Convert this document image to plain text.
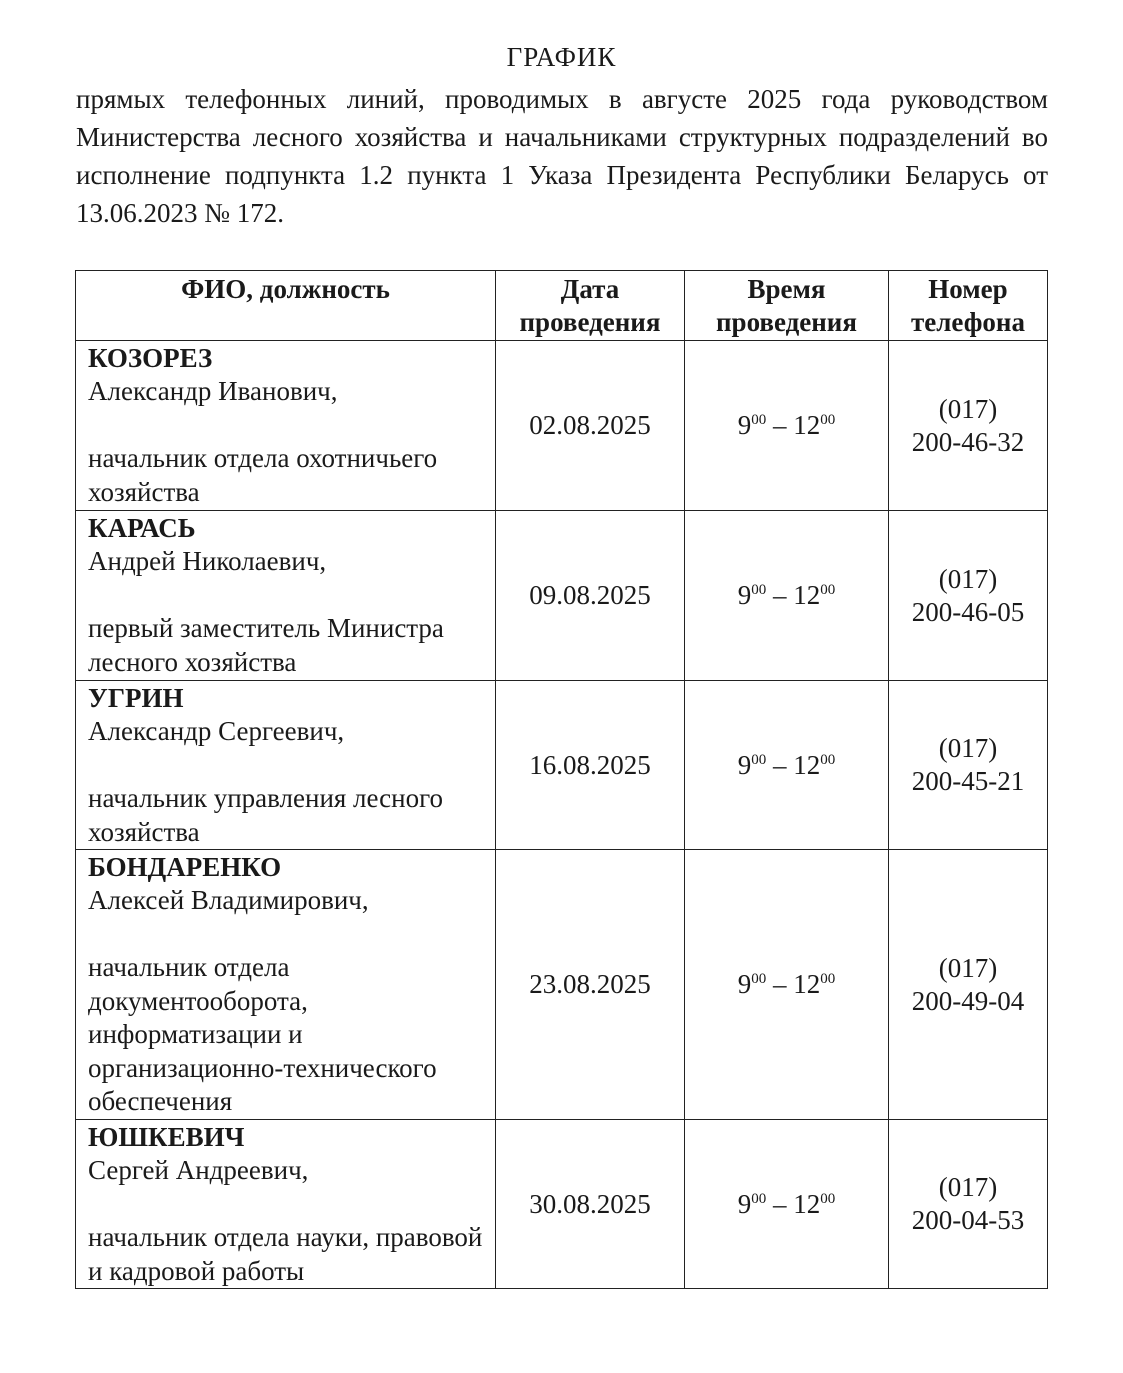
ГРАФИК
прямых телефонных линий, проводимых в августе 2025 года руководством Министерства лесного хозяйства и начальниками структурных подразделений во исполнение подпункта 1.2 пункта 1 Указа Президента Республики Беларусь от 13.06.2023 № 172.
ФИО, должность	Дата проведения	Время проведения	Номер телефона

КОЗОРЕЗ
Александр Иванович,
начальник отдела охотничьего хозяйства	02.08.2025	$9^{00} - 12^{00}$	(017)
200-46-32

КАРАСЬ
Андрей Николаевич,
первый заместитель Министра лесного хозяйства	09.08.2025	$9^{00} - 12^{00}$	(017)
200-46-05

УГРИН
Александр Сергеевич,
начальник управления лесного хозяйства	16.08.2025	$9^{00} - 12^{00}$	(017)
200-45-21

БОНДАРЕНКО
Алексей Владимирович,
начальник отдела документооборота, информатизации и организационно-технического обеспечения	23.08.2025	$9^{00} - 12^{00}$	(017)
200-49-04

ЮШКЕВИЧ
Сергей Андреевич,
начальник отдела науки, правовой и кадровой работы	30.08.2025	$9^{00} - 12^{00}$	(017)
200-04-53
